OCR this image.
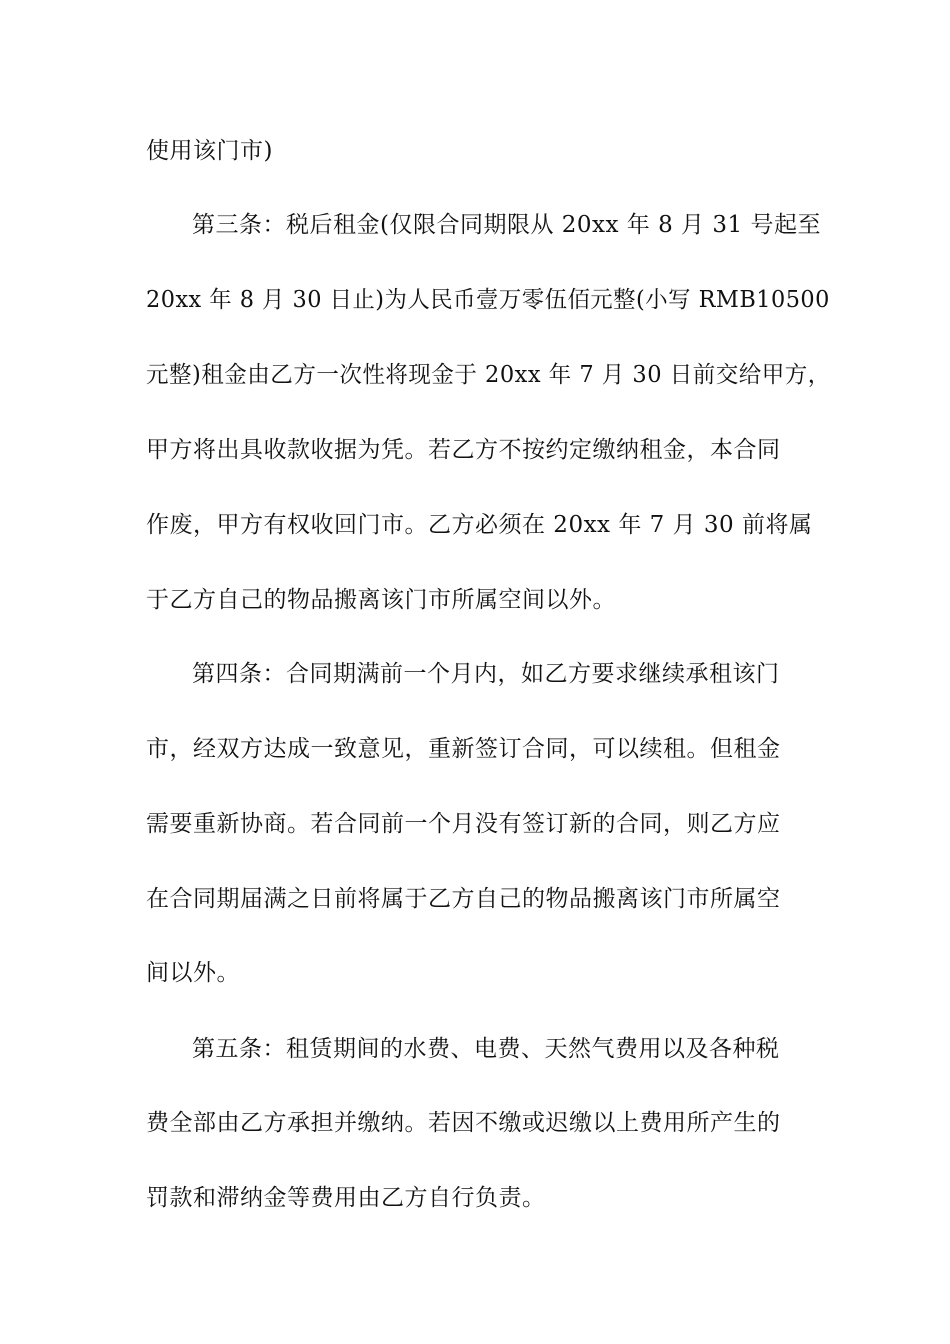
使用该门市)
第三条：税后租金(仅限合同期限从 20xx 年 8 月 31 号起至
20xx 年 8 月 30 日止)为人民币壹万零伍佰元整(小写 RMB10500
元整)租金由乙方一次性将现金于 20xx 年 7 月 30 日前交给甲方，
甲方将出具收款收据为凭。若乙方不按约定缴纳租金，本合同
作废，甲方有权收回门市。乙方必须在 20xx 年 7 月 30 前将属
于乙方自己的物品搬离该门市所属空间以外。
第四条：合同期满前一个月内，如乙方要求继续承租该门
市，经双方达成一致意见，重新签订合同，可以续租。但租金
需要重新协商。若合同前一个月没有签订新的合同，则乙方应
在合同期届满之日前将属于乙方自己的物品搬离该门市所属空
间以外。
第五条：租赁期间的水费、电费、天然气费用以及各种税
费全部由乙方承担并缴纳。若因不缴或迟缴以上费用所产生的
罚款和滞纳金等费用由乙方自行负责。
